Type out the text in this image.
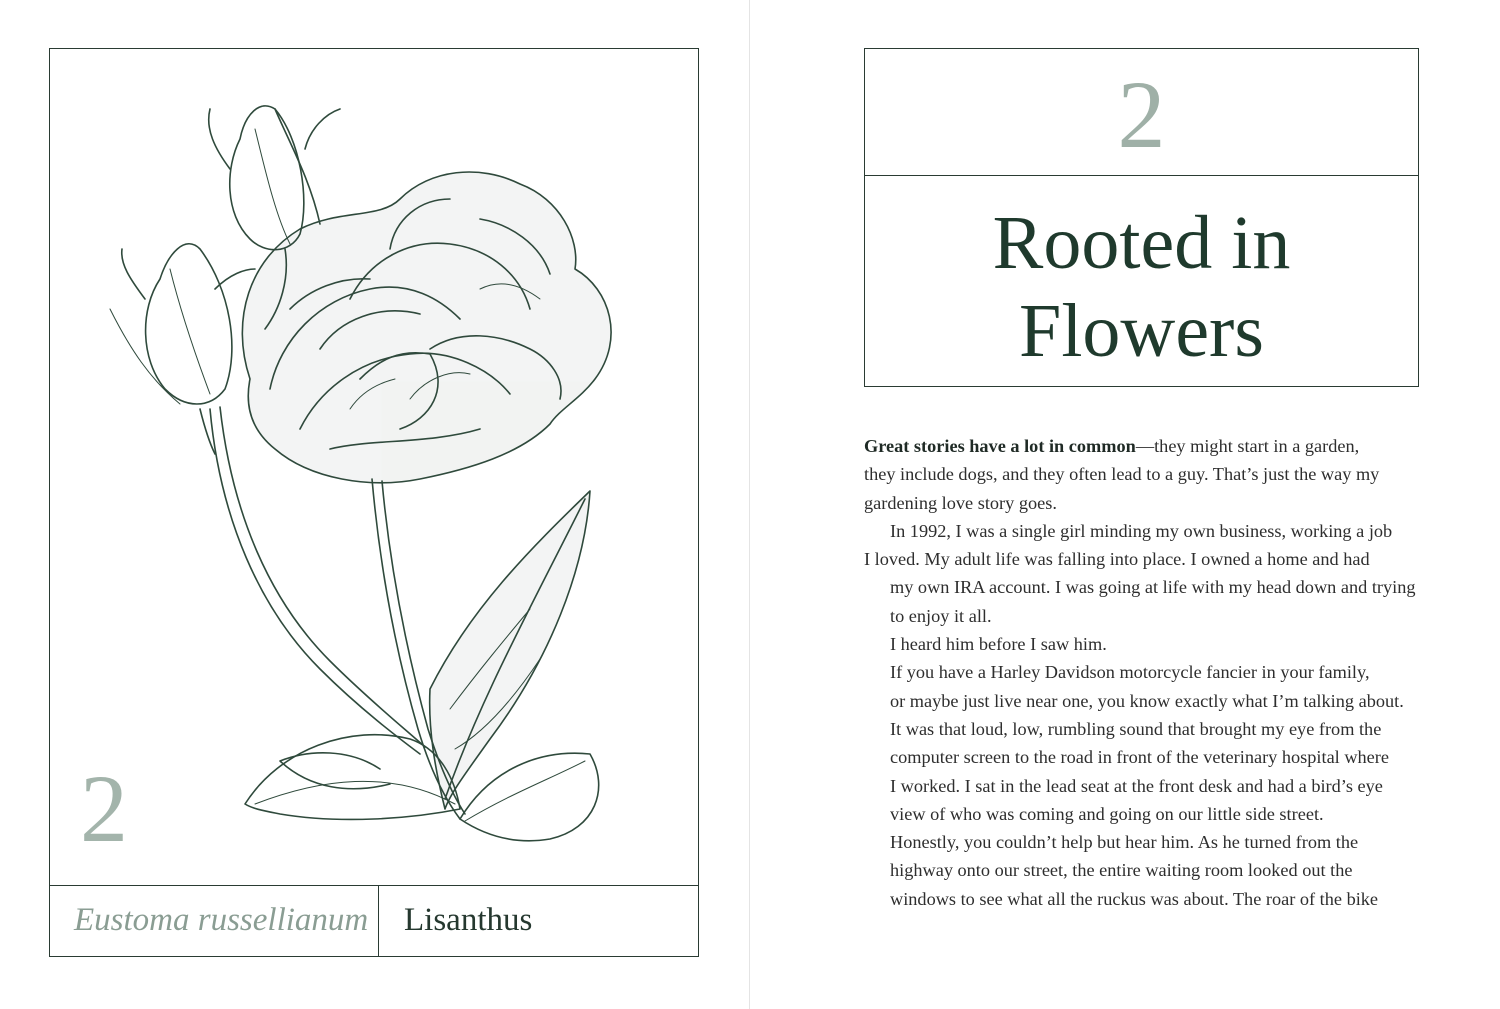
2
Eustoma russellianum Lisanthus
2
Rooted in
Flowers

Great stories have a lot in common—they might start in a garden,
they include dogs, and they often lead to a guy. That’s just the way my
gardening love story goes.

In 1992, I was a single girl minding my own business, working a job
I loved. My adult life was falling into place. I owned a home and had
my own IRA account. I was going at life with my head down and trying
to enjoy it all.

I heard him before I saw him.

If you have a Harley Davidson motorcycle fancier in your family,
or maybe just live near one, you know exactly what I’m talking about.
It was that loud, low, rumbling sound that brought my eye from the
computer screen to the road in front of the veterinary hospital where
I worked. I sat in the lead seat at the front desk and had a bird’s eye
view of who was coming and going on our little side street.

Honestly, you couldn’t help but hear him. As he turned from the
highway onto our street, the entire waiting room looked out the
windows to see what all the ruckus was about. The roar of the bike
